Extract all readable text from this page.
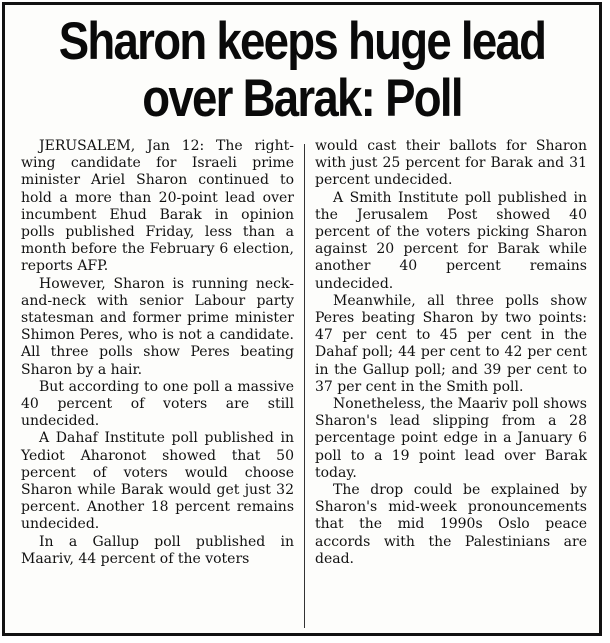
Sharon keeps huge lead
over Barak: Poll

JERUSALEM, Jan 12: The right-wing candidate for Israeli prime minister Ariel Sharon continued to hold a more than 20-point lead over incumbent Ehud Barak in opinion polls published Friday, less than a month before the February 6 election, reports AFP.

However, Sharon is running neck-and-neck with senior Labour party statesman and former prime minister Shimon Peres, who is not a candidate. All three polls show Peres beating Sharon by a hair.

But according to one poll a massive 40 percent of voters are still undecided.

A Dahaf Institute poll published in Yediot Aharonot showed that 50 percent of voters would choose Sharon while Barak would get just 32 percent. Another 18 percent remains undecided.

In a Gallup poll published in Maariv, 44 percent of the voters

would cast their ballots for Sharon with just 25 percent for Barak and 31 percent undecided.

A Smith Institute poll published in the Jerusalem Post showed 40 percent of the voters picking Sharon against 20 percent for Barak while another 40 percent remains undecided.

Meanwhile, all three polls show Peres beating Sharon by two points: 47 per cent to 45 per cent in the Dahaf poll; 44 per cent to 42 per cent in the Gallup poll; and 39 per cent to 37 per cent in the Smith poll.

Nonetheless, the Maariv poll shows Sharon's lead slipping from a 28 percentage point edge in a January 6 poll to a 19 point lead over Barak today.

The drop could be explained by Sharon's mid-week pronouncements that the mid 1990s Oslo peace accords with the Palestinians are dead.
